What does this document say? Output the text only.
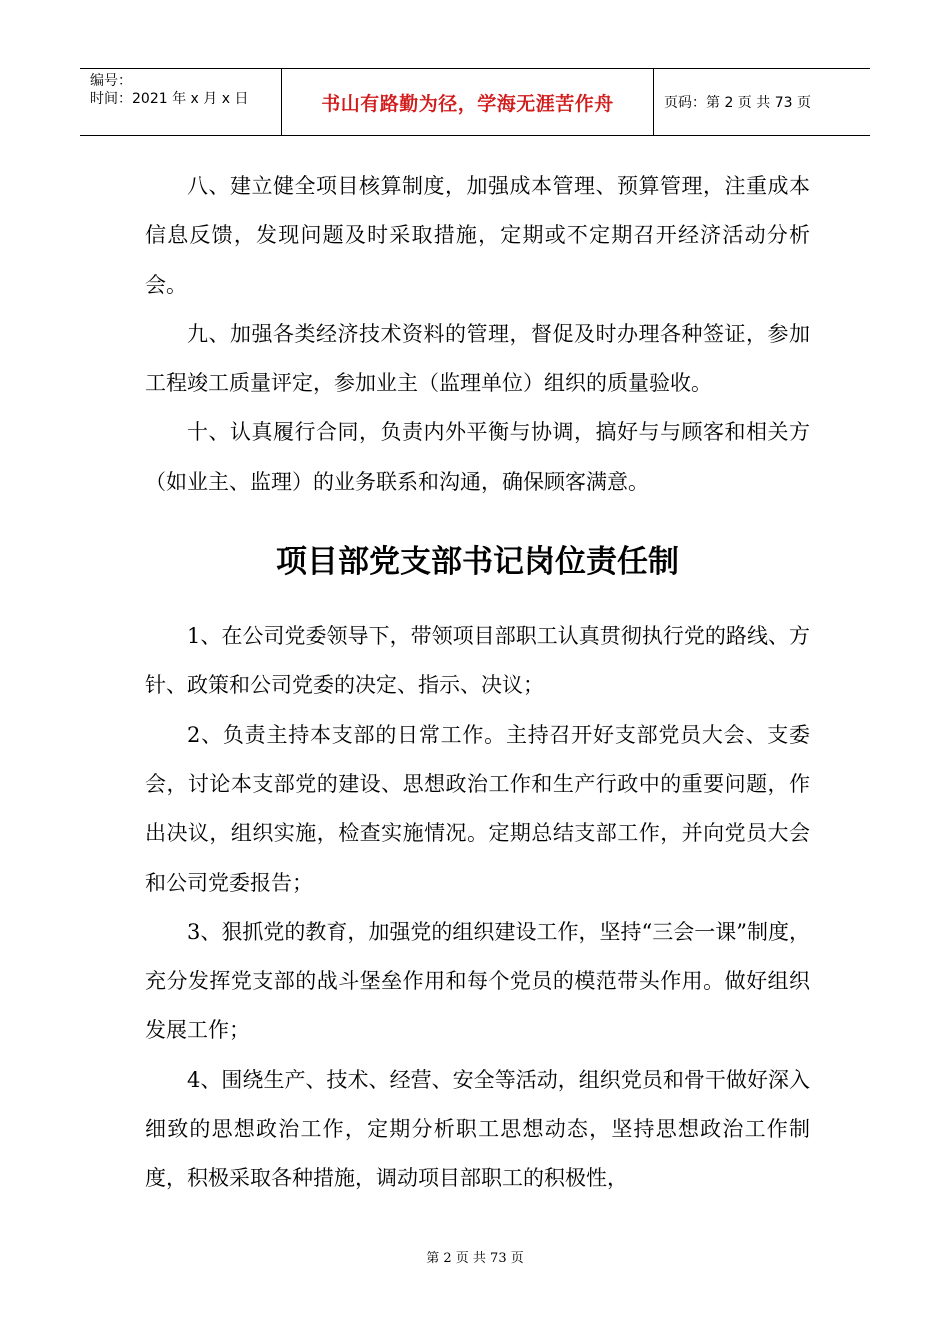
编号：
时间：2021 年 x 月 x 日	书山有路勤为径，学海无涯苦作舟	页码：第 2 页 共 73 页

八、建立健全项目核算制度，加强成本管理、预算管理，注重成本信息反馈，发现问题及时采取措施，定期或不定期召开经济活动分析会。

九、加强各类经济技术资料的管理，督促及时办理各种签证，参加工程竣工质量评定，参加业主（监理单位）组织的质量验收。

十、认真履行合同，负责内外平衡与协调，搞好与与顾客和相关方（如业主、监理）的业务联系和沟通，确保顾客满意。

项目部党支部书记岗位责任制

1、在公司党委领导下，带领项目部职工认真贯彻执行党的路线、方针、政策和公司党委的决定、指示、决议；

2、负责主持本支部的日常工作。主持召开好支部党员大会、支委会，讨论本支部党的建设、思想政治工作和生产行政中的重要问题，作出决议，组织实施，检查实施情况。定期总结支部工作，并向党员大会和公司党委报告；

3、狠抓党的教育，加强党的组织建设工作，坚持“三会一课”制度，充分发挥党支部的战斗堡垒作用和每个党员的模范带头作用。做好组织发展工作；

4、围绕生产、技术、经营、安全等活动，组织党员和骨干做好深入细致的思想政治工作，定期分析职工思想动态，坚持思想政治工作制度，积极采取各种措施，调动项目部职工的积极性，

第 2 页 共 73 页
